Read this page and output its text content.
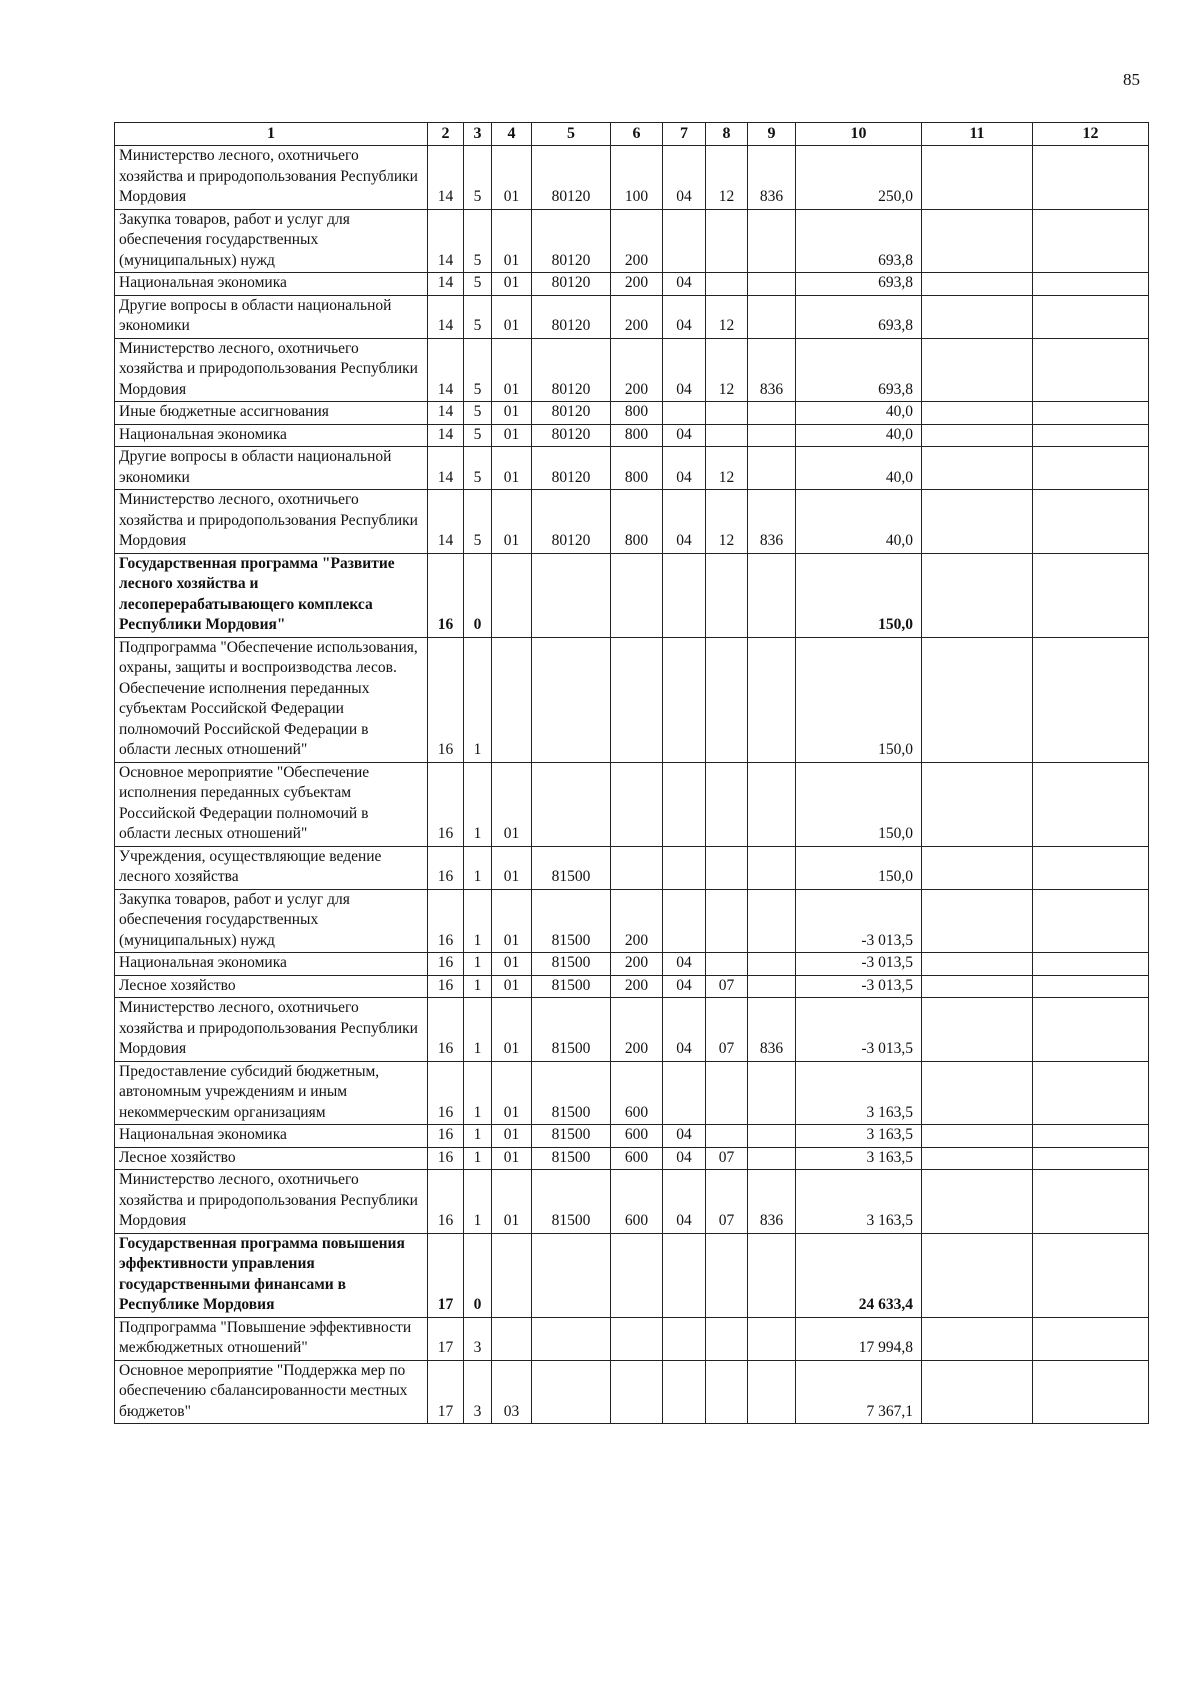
85
1	2	3	4	5	6	7	8	9	10	11	12
Министерство лесного, охотничьего хозяйства и природопользования Республики Мордовия	14	5	01	80120	100	04	12	836	250,0		
Закупка товаров, работ и услуг для обеспечения государственных (муниципальных) нужд	14	5	01	80120	200				693,8		
Национальная экономика	14	5	01	80120	200	04			693,8		
Другие вопросы в области национальной экономики	14	5	01	80120	200	04	12		693,8		
Министерство лесного, охотничьего хозяйства и природопользования Республики Мордовия	14	5	01	80120	200	04	12	836	693,8		
Иные бюджетные ассигнования	14	5	01	80120	800				40,0		
Национальная экономика	14	5	01	80120	800	04			40,0		
Другие вопросы в области национальной экономики	14	5	01	80120	800	04	12		40,0		
Министерство лесного, охотничьего хозяйства и природопользования Республики Мордовия	14	5	01	80120	800	04	12	836	40,0		
Государственная программа "Развитие лесного хозяйства и лесоперерабатывающего комплекса Республики Мордовия"	16	0							150,0		
Подпрограмма "Обеспечение использования, охраны, защиты и воспроизводства лесов. Обеспечение исполнения переданных субъектам Российской Федерации полномочий Российской Федерации в области лесных отношений"	16	1							150,0		
Основное мероприятие "Обеспечение исполнения переданных субъектам Российской Федерации полномочий в области лесных отношений"	16	1	01						150,0		
Учреждения, осуществляющие ведение лесного хозяйства	16	1	01	81500					150,0		
Закупка товаров, работ и услуг для обеспечения государственных (муниципальных) нужд	16	1	01	81500	200				-3 013,5		
Национальная экономика	16	1	01	81500	200	04			-3 013,5		
Лесное хозяйство	16	1	01	81500	200	04	07		-3 013,5		
Министерство лесного, охотничьего хозяйства и природопользования Республики Мордовия	16	1	01	81500	200	04	07	836	-3 013,5		
Предоставление субсидий бюджетным, автономным учреждениям и иным некоммерческим организациям	16	1	01	81500	600				3 163,5		
Национальная экономика	16	1	01	81500	600	04			3 163,5		
Лесное хозяйство	16	1	01	81500	600	04	07		3 163,5		
Министерство лесного, охотничьего хозяйства и природопользования Республики Мордовия	16	1	01	81500	600	04	07	836	3 163,5		
Государственная программа повышения эффективности управления государственными финансами в Республике Мордовия	17	0							24 633,4		
Подпрограмма "Повышение эффективности межбюджетных отношений"	17	3							17 994,8		
Основное мероприятие "Поддержка мер по обеспечению сбалансированности местных бюджетов"	17	3	03						7 367,1		
